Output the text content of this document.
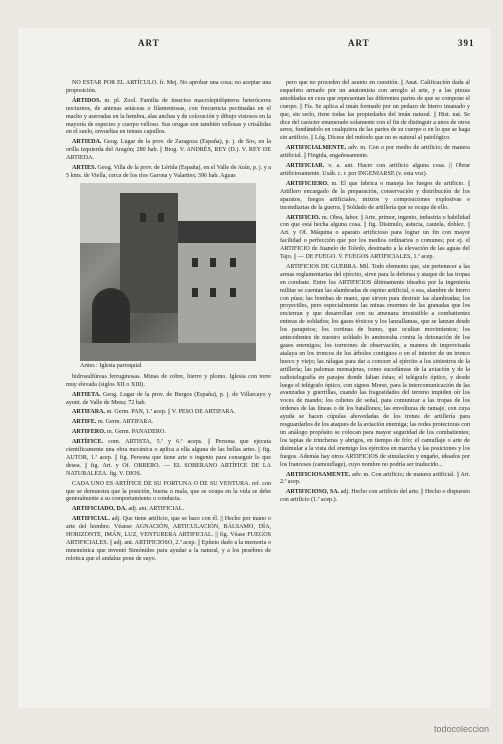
ART	ART	391

NO ESTAR POR EL ARTÍCULO. fr. Mej. No aprobar una cosa; no aceptar una proposición.

ÁRTIDOS. m. pl. Zool. Familia de insectos macrolepidópteros heteróceros nocturnos, de antenas setáceas o filamentosas, con frecuencia pectinadas en el macho y aserradas en la hembra, alas anchas y de coloración y dibujo vistosos en la mayoría de especies y cuerpo velloso. Sus orugas son también vellosas y crisálidas en el suelo, envueltas en tenues capullos.

ARTIEDA. Geog. Lugar de la prov. de Zaragoza (España), p. j. de Sos, en la orilla izquierda del Aragón; 280 hab. || Biog. V. ANDRÉS, REY (D.). V. REY DE ARTIEDA.

ARTIES. Geog. Villa de la prov. de Lérida (España), en el Valle de Arán, p. j. y a 5 kms. de Viella, cerca de los ríos Garona y Valarties; 396 hab. Aguas

Arties : Iglesia parroquial

bidrosulfúreas ferruginosas. Minas de cobre, hierro y plomo. Iglesia con torre muy elevada (siglos XII o XIII).

ARTIETA. Geog. Lugar de la prov. de Burgos (España), p. j. de Villarcayo y ayunt. de Valle de Mena; 72 hab.

ARTIFARA. m. Germ. PAN, 1.ª acep. || V. PESO DE ARTIFARA.

ARTIFE. m. Germ. ARTIFARA.

ARTIFERO. m. Germ. PANADERO.

ARTÍFICE. com. ARTISTA, 5.ª y 6.ª aceps. || Persona que ejecuta científicamente una obra mecánica o aplica a ella alguna de las bellas artes. || fig. AUTOR, 1.ª acep. || fig. Persona que tiene arte o ingenio para conseguir lo que desea. || fig. Art. y Of. OBRERO. — EL SOBERANO ARTÍFICE DE LA NATURALEZA. fig. V. DIOS.

CADA UNO ES ARTÍFICE DE SU FORTUNA O DE SU VENTURA. ref. con que se demuestra que la posición, buena o mala, que se ocupa en la vida se debe generalmente a su comportamiento o conducta.

ARTIFICIADO, DA. adj. ant. ARTIFICIAL.

ARTIFICIAL. adj. Que tiene artificio, que se hace con él. || Hecho por mano o arte del hombre. Véanse AGNACIÓN, ARTICULACIÓN, BÁLSAMO, DÍA, HORIZONTE, IMÁN, LUZ, VENTURERA ARTIFICIAL. || fig. Véase FUEGOS ARTIFICIALES. || adj. ant. ARTIFICIOSO, 2.ª acep. || Epíteto dado a la memoria o mnemónica que inventó Simónides para ayudar a la natural, y a los pesebres de relotica que el andaluz pone de suyo.

pero que no proceden del asunto en cuestión. || Anat. Calificación dada al esqueleto armado por un anatomista con arreglo al arte, y a las piezas amoldadas en cera que representan las diferentes partes de que se compone el cuerpo. || Fís. Se aplica al imán formado por un pedazo de hierro imanado y que, sin serlo, tiene todas las propiedades del imán natural. || Hist. nat. Se dice del carácter enumerado solamente con el fin de distinguir a unos de otros seres, fundándolo en cualquiera de las partes de su cuerpo o en lo que se haga sin artificio. || Lóg. Dícese del método que no es natural al patológico.

ARTIFICIALMENTE. adv. m. Con o por medio de artificio; de manera artificial. || Fingida, engañosamente.

ARTIFICIAR. v. a. ant. Hacer con artificio alguna cosa. || Obrar artificiosamente. Usáb. c. r. por INGENIARSE (v. esta voz).

ARTIFICIERO. m. El que fabrica o maneja los fuegos de artificio. || Artillero encargado de la preparación, conservación y distribución de los aparatos, fuegos artificiales, mixtos y composiciones explosivas e incendiarias de la guerra. || Soldado de artillería que se ocupa de ello.

ARTIFICIO. m. Obra, labor. || Arte, primor, ingenio, industria o habilidad con que está hecha alguna cosa. || fig. Disimulo, astucia, cautela, doblez. || Art. y Of. Máquina o aparato artificioso para lograr un fin con mayor facilidad o perfección que por los medios ordinarios o comunes; por ej. el ARTIFICIO de Juanelo de Toledo, destinado a la elevación de las aguas del Tajo. || — DE FUEGO. V. FUEGOS ARTIFICIALES, 1.ª acep.

ARTIFICIOS DE GUERRA. Mil. Todo elemento que, sin pertenecer a las armas reglamentarias del ejército, sirve para la defensa y ataque de las tropas en combate. Entre los ARTIFICIOS últimamente ideados por la ingeniería militar se cuentan las alambradas de espino artificial, o sea, alambre de hierro con púas; las bombas de mano, que sirven para destruir las alambradas; los proyectiles, pero especialmente las minas enormes de las granadas que los encierran y que desarrollan con su amenaza irresistible a combatientes enteras de soldados; los gases tóxicos y los lanzallamas, que se lanzan desde los parapetos; los cortinas de humo, que ocultan movimientos; los antecedentes de nuestro soldado lo aminoraba contra la detonación de los gases enemigos; los torreones de observación, a manera de improvisada atalaya en los troncos de los árboles contiguos o en el interior de un tronco hueco y viejo; las ráfagas para dar a conocer al ejército a los siniestros de la artillería; las palomas mensajeras, como sucedáneas de la aviación y de la radiotelegrafía en parajes donde faltan éstas; el telégrafo óptico, y desde luego el telégrafo óptico, con signos Morse, para la intercomunicación de las avanzadas y guerrillas, cuando las fragosidades del terreno impiden oír los voces de mando; los cohetes de señal, para comunicar a las tropas de los órdenes de las líneas o de los batallones; las envolturas de ramaje, con cuya ayuda se hacen cúpulas abovedadas de los trenes de artillería para resguardarlos de los ataques de la aviación enemiga; las redes protectoras con un análogo propósito se colocan para mayor seguridad de los combatientes; los tapias de trincheras y abrigos, en tiempo de frío; el camuflaje o arte de disimular a la vista del enemigo los ejércitos en marcha y las posiciones y los fuegos. Además hay otros ARTIFICIOS de simulación y engaño, ideados por los franceses (camouflage), cuyo nombre no podría ser traducido...

ARTIFICIOSAMENTE. adv. m. Con artificio; de manera artificial. || Art. 2.ª acep.

ARTIFICIOSO, SA. adj. Hecho con artificio del arte. || Hecho o dispuesto con artificio (1.ª acep.).

todocoleccion
